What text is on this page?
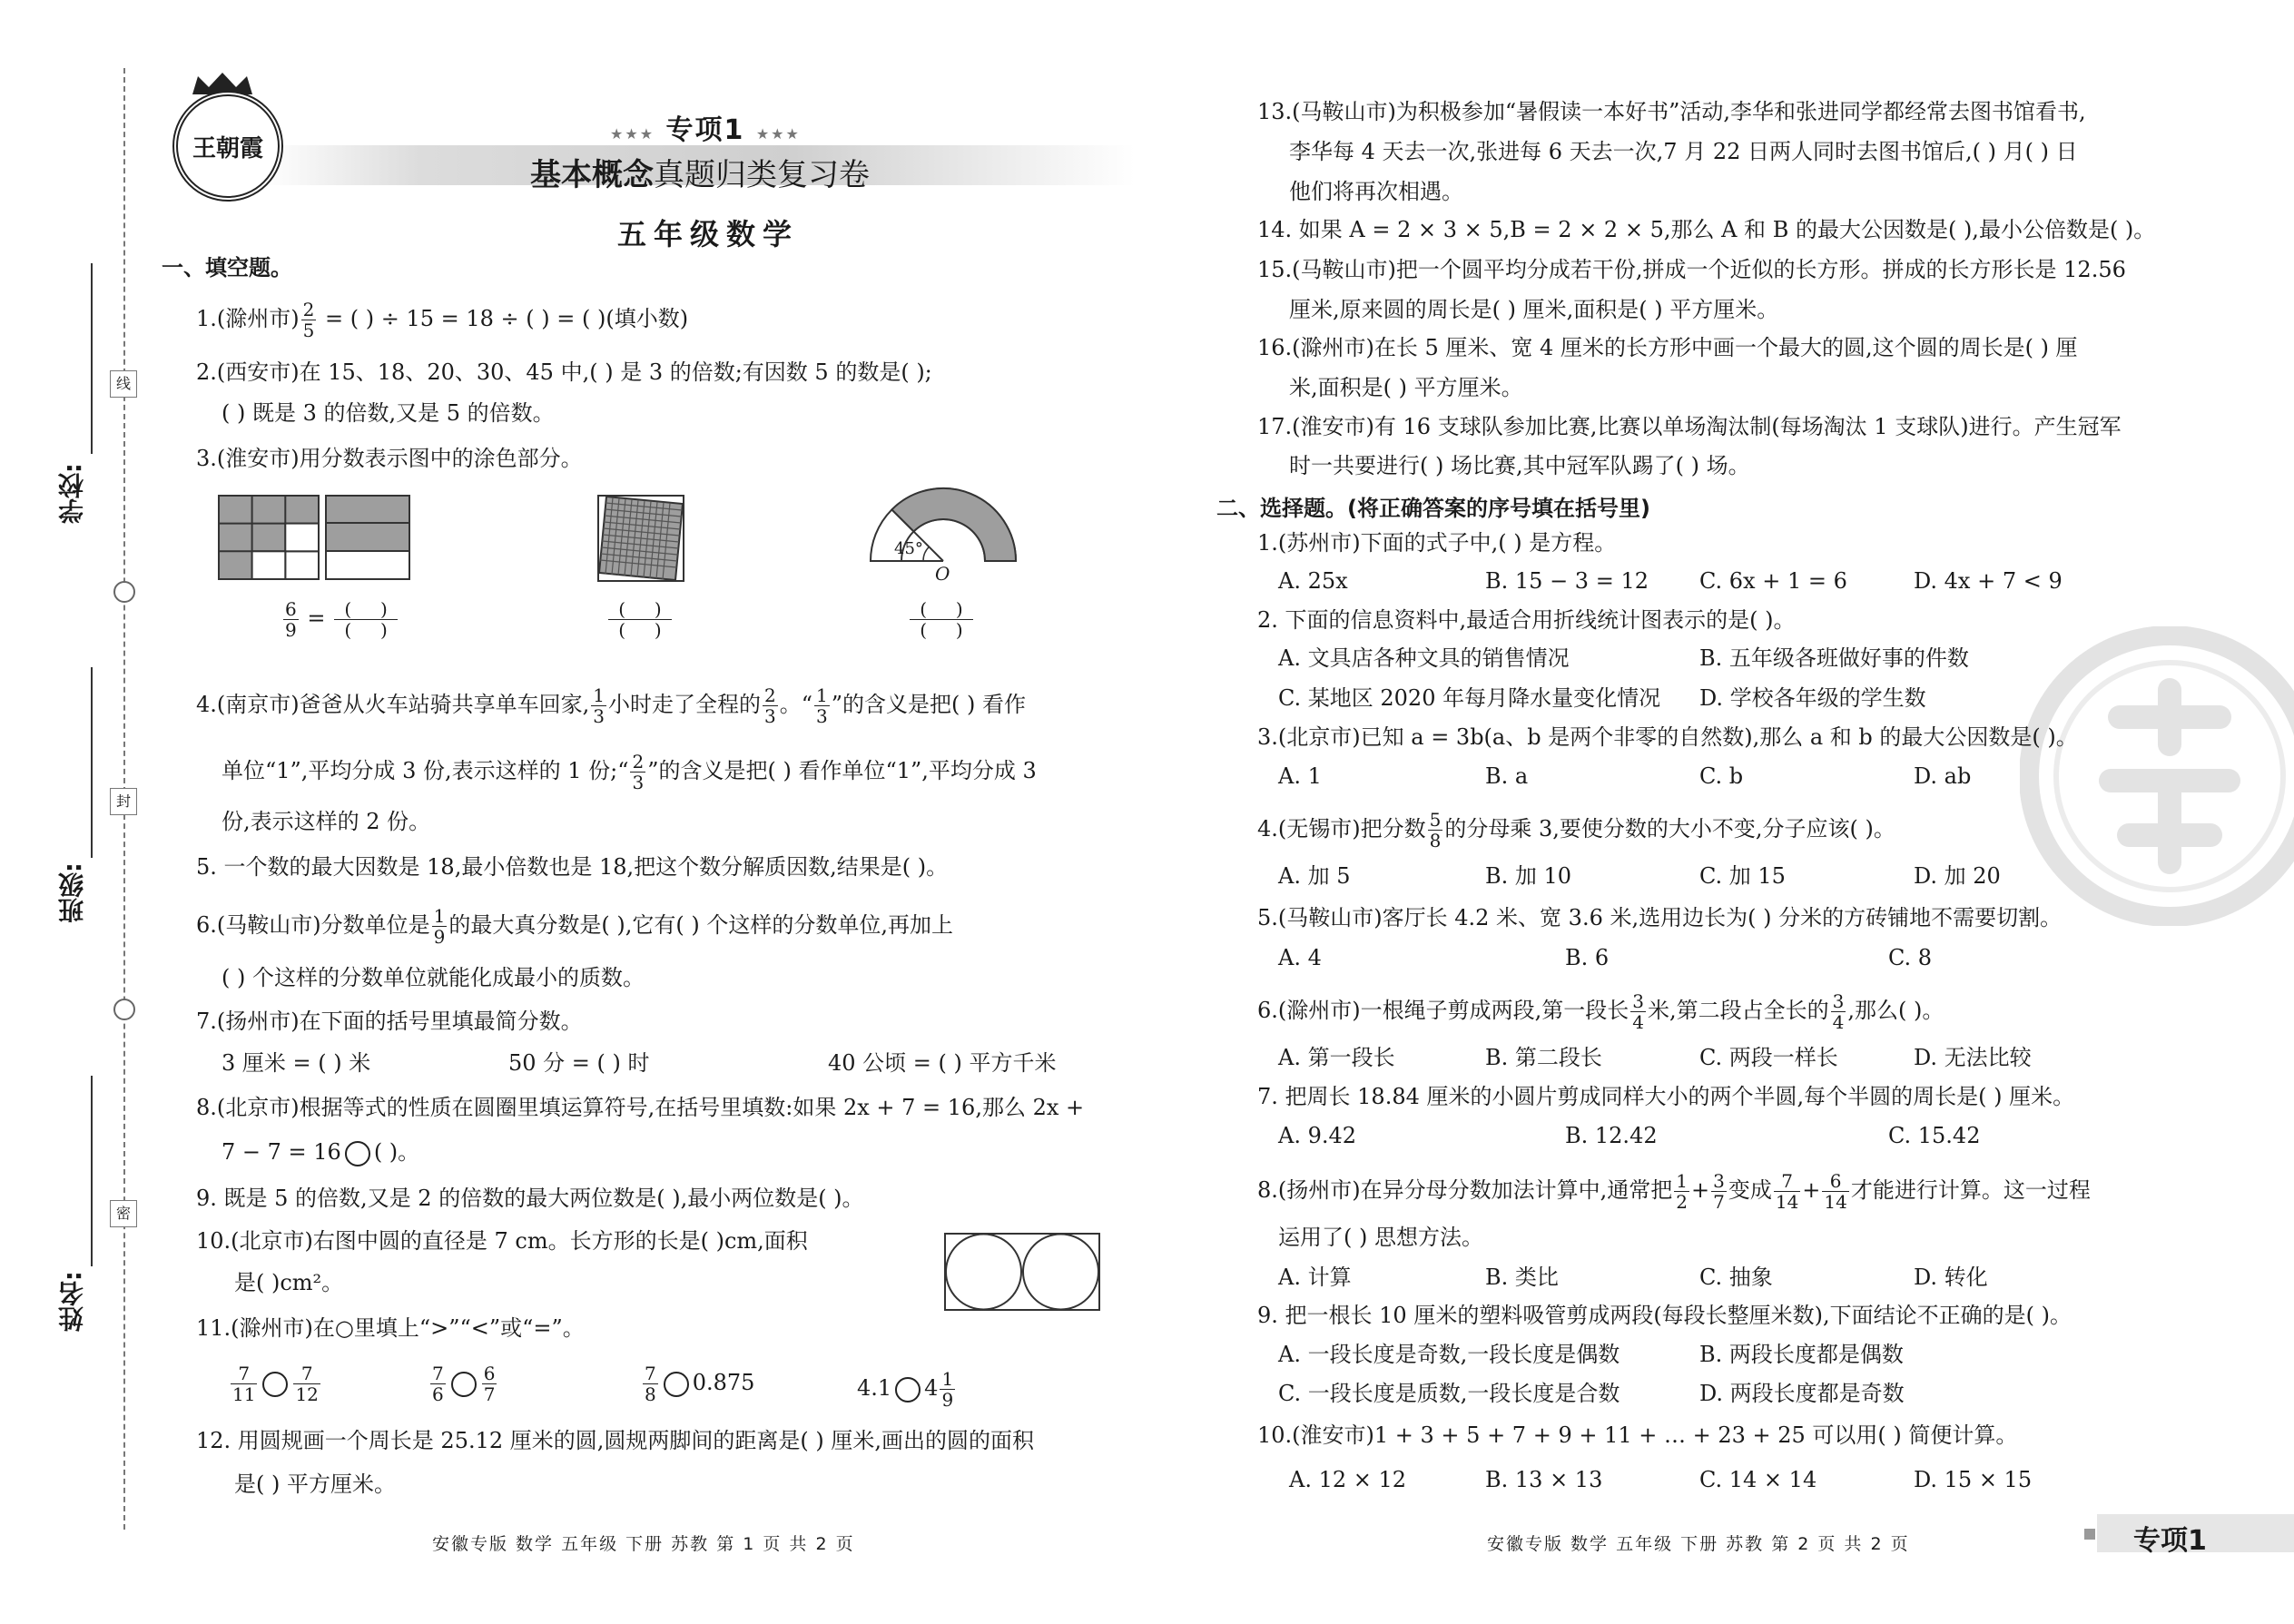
线
封
密
学校:
班级:
姓名:
王朝霞
★★★ 专项1 ★★★
基本概念真题归类复习卷
五年级数学
一、填空题。
1.(滁州市) $\frac{2}{5}$ = ( ) ÷ 15 = 18 ÷ ( ) = ( )(填小数)
2.(西安市)在 15、18、20、30、45 中,( ) 是 3 的倍数;有因数 5 的数是( );
( ) 既是 3 的倍数,又是 5 的倍数。
3.(淮安市)用分数表示图中的涂色部分。
45°
O
$\frac{6}{9} = \frac{( )}{( )}$	$\frac{( )}{( )}$	$\frac{( )}{( )}$
4.(南京市)爸爸从火车站骑共享单车回家, $\frac{1}{3}$ 小时走了全程的 $\frac{2}{3}$ 。“ $\frac{1}{3}$ ”的含义是把( ) 看作
单位“1”,平均分成 3 份,表示这样的 1 份;“ $\frac{2}{3}$ ”的含义是把( ) 看作单位“1”,平均分成 3
份,表示这样的 2 份。
5. 一个数的最大因数是 18,最小倍数也是 18,把这个数分解质因数,结果是( )。
6.(马鞍山市)分数单位是 $\frac{1}{9}$ 的最大真分数是( ),它有( ) 个这样的分数单位,再加上
( ) 个这样的分数单位就能化成最小的质数。
7.(扬州市)在下面的括号里填最简分数。
3 厘米 = ( ) 米	50 分 = ( ) 时	40 公顷 = ( ) 平方千米
8.(北京市)根据等式的性质在圆圈里填运算符号,在括号里填数:如果 2x + 7 = 16,那么 2x +
7 − 7 = 16 ( )。
9. 既是 5 的倍数,又是 2 的倍数的最大两位数是( ),最小两位数是( )。
10.(北京市)右图中圆的直径是 7 cm。长方形的长是( )cm,面积
是( )cm²。
11.(滁州市)在○里填上“>”“<”或“=”。
$\frac{7}{11} \frac{7}{12}$	$\frac{7}{6} \frac{6}{7}$	$\frac{7}{8} 0.875$	4.1 $4 \frac{1}{9}$
12. 用圆规画一个周长是 25.12 厘米的圆,圆规两脚间的距离是( ) 厘米,画出的圆的面积
是( ) 平方厘米。
安徽专版 数学 五年级 下册 苏教 第 1 页 共 2 页
13.(马鞍山市)为积极参加“暑假读一本好书”活动,李华和张进同学都经常去图书馆看书,
李华每 4 天去一次,张进每 6 天去一次,7 月 22 日两人同时去图书馆后,( ) 月( ) 日
他们将再次相遇。
14. 如果 A = 2 × 3 × 5,B = 2 × 2 × 5,那么 A 和 B 的最大公因数是( ),最小公倍数是( )。
15.(马鞍山市)把一个圆平均分成若干份,拼成一个近似的长方形。拼成的长方形长是 12.56
厘米,原来圆的周长是( ) 厘米,面积是( ) 平方厘米。
16.(滁州市)在长 5 厘米、宽 4 厘米的长方形中画一个最大的圆,这个圆的周长是( ) 厘
米,面积是( ) 平方厘米。
17.(淮安市)有 16 支球队参加比赛,比赛以单场淘汰制(每场淘汰 1 支球队)进行。产生冠军
时一共要进行( ) 场比赛,其中冠军队踢了( ) 场。
二、选择题。(将正确答案的序号填在括号里)
1.(苏州市)下面的式子中,( ) 是方程。
A. 25x	B. 15 − 3 = 12 C. 6x + 1 = 6	D. 4x + 7 < 9
2. 下面的信息资料中,最适合用折线统计图表示的是( )。
A. 文具店各种文具的销售情况	B. 五年级各班做好事的件数
C. 某地区 2020 年每月降水量变化情况 D. 学校各年级的学生数
3.(北京市)已知 a = 3b(a、b 是两个非零的自然数),那么 a 和 b 的最大公因数是( )。
A. 1	B. a	C. b	D. ab
4.(无锡市)把分数 $\frac{5}{8}$ 的分母乘 3,要使分数的大小不变,分子应该( )。
A. 加 5	B. 加 10	C. 加 15	D. 加 20
5.(马鞍山市)客厅长 4.2 米、宽 3.6 米,选用边长为( ) 分米的方砖铺地不需要切割。
A. 4	B. 6	C. 8
6.(滁州市)一根绳子剪成两段,第一段长 $\frac{3}{4}$ 米,第二段占全长的 $\frac{3}{4}$ ,那么( )。
A. 第一段长	B. 第二段长	C. 两段一样长	D. 无法比较
7. 把周长 18.84 厘米的小圆片剪成同样大小的两个半圆,每个半圆的周长是( ) 厘米。
A. 9.42	B. 12.42	C. 15.42
8.(扬州市)在异分母分数加法计算中,通常把 $\frac{1}{2} + \frac{3}{7}$ 变成 $\frac{7}{14} + \frac{6}{14}$ 才能进行计算。这一过程
运用了( ) 思想方法。
A. 计算	B. 类比	C. 抽象	D. 转化
9. 把一根长 10 厘米的塑料吸管剪成两段(每段长整厘米数),下面结论不正确的是( )。
A. 一段长度是奇数,一段长度是偶数	B. 两段长度都是偶数
C. 一段长度是质数,一段长度是合数	D. 两段长度都是奇数
10.(淮安市)1 + 3 + 5 + 7 + 9 + 11 + … + 23 + 25 可以用( ) 简便计算。
A. 12 × 12	B. 13 × 13	C. 14 × 14	D. 15 × 15
安徽专版 数学 五年级 下册 苏教 第 2 页 共 2 页	专项1
